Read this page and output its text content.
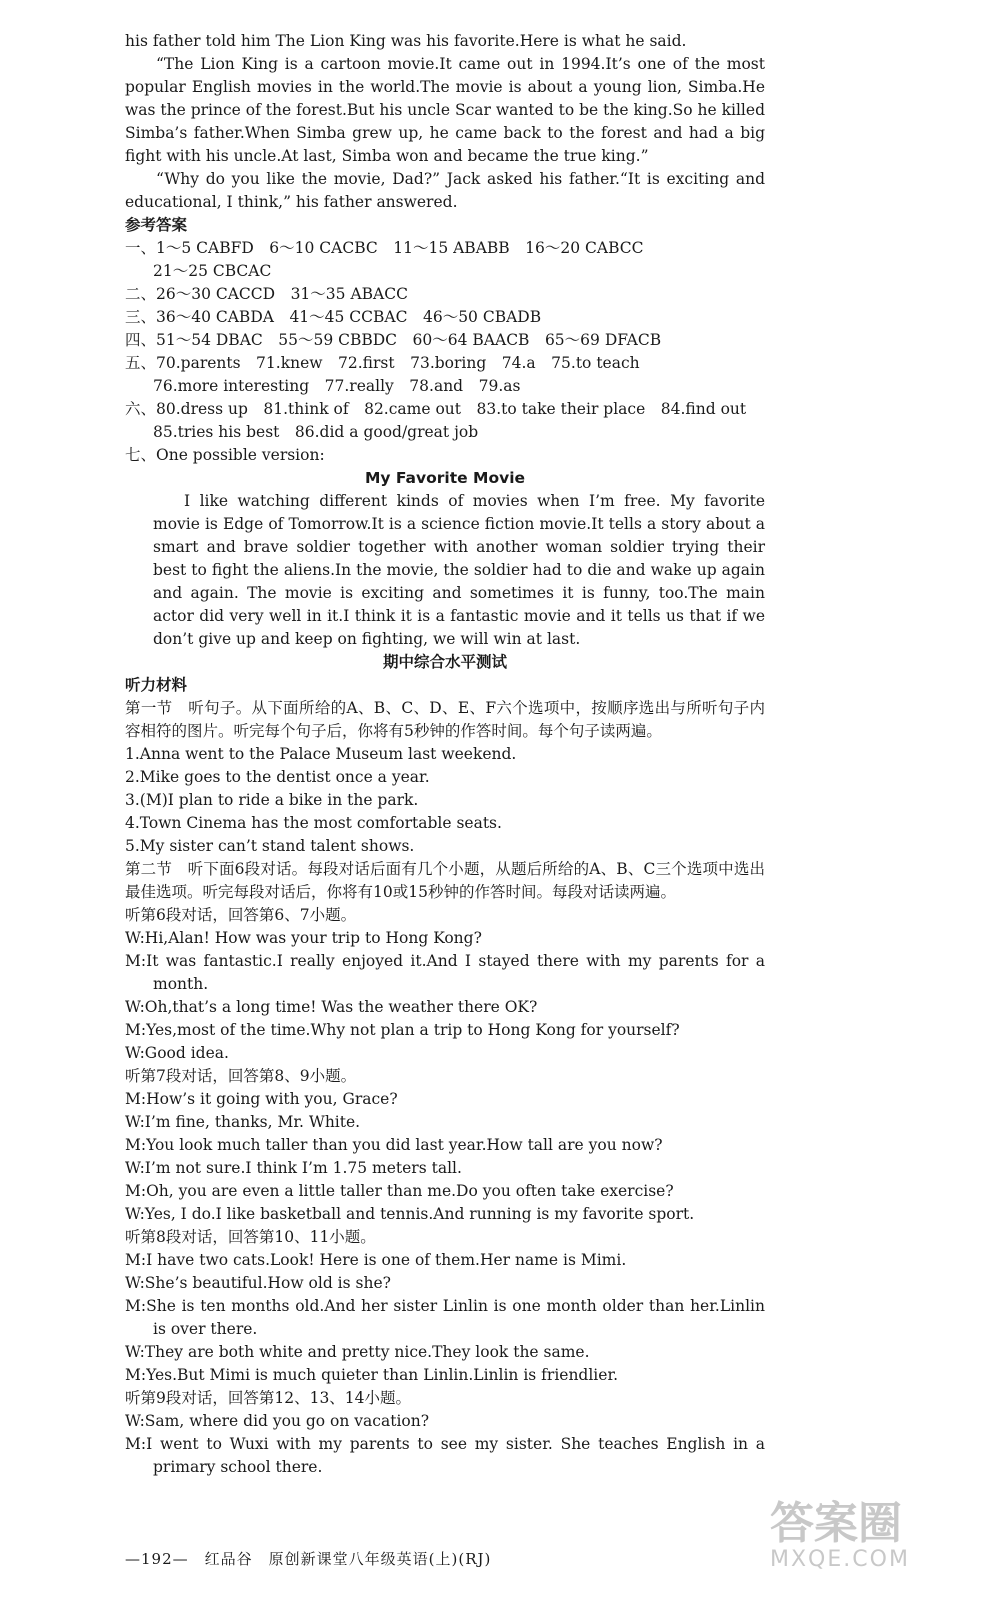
his father told him The Lion King was his favorite.Here is what he said.

“The Lion King is a cartoon movie.It came out in 1994.It’s one of the most popular English movies in the world.The movie is about a young lion, Simba.He was the prince of the forest.But his uncle Scar wanted to be the king.So he killed Simba’s father.When Simba grew up, he came back to the forest and had a big fight with his uncle.At last, Simba won and became the true king.”

“Why do you like the movie, Dad?” Jack asked his father.“It is exciting and educational, I think,” his father answered.

参考答案

一、1～5 CABFD　6～10 CACBC　11～15 ABABB　16～20 CABCC

21～25 CBCAC

二、26～30 CACCD　31～35 ABACC

三、36～40 CABDA　41～45 CCBAC　46～50 CBADB

四、51～54 DBAC　55～59 CBBDC　60～64 BAACB　65～69 DFACB

五、70.parents　71.knew　72.first　73.boring　74.a　75.to teach

76.more interesting　77.really　78.and　79.as

六、80.dress up　81.think of　82.came out　83.to take their place　84.find out

85.tries his best　86.did a good/great job

七、One possible version:

My Favorite Movie

I like watching different kinds of movies when I’m free. My favorite movie is Edge of Tomorrow.It is a science fiction movie.It tells a story about a smart and brave soldier together with another woman soldier trying their best to fight the aliens.In the movie, the soldier had to die and wake up again and again. The movie is exciting and sometimes it is funny, too.The main actor did very well in it.I think it is a fantastic movie and it tells us that if we don’t give up and keep on fighting, we will win at last.

期中综合水平测试

听力材料

第一节　听句子。从下面所给的A、B、C、D、E、F六个选项中，按顺序选出与所听句子内容相符的图片。听完每个句子后，你将有5秒钟的作答时间。每个句子读两遍。

1.Anna went to the Palace Museum last weekend.

2.Mike goes to the dentist once a year.

3.(M)I plan to ride a bike in the park.

4.Town Cinema has the most comfortable seats.

5.My sister can’t stand talent shows.

第二节　听下面6段对话。每段对话后面有几个小题，从题后所给的A、B、C三个选项中选出最佳选项。听完每段对话后，你将有10或15秒钟的作答时间。每段对话读两遍。

听第6段对话，回答第6、7小题。

W:Hi,Alan! How was your trip to Hong Kong?

M:It was fantastic.I really enjoyed it.And I stayed there with my parents for a month.

W:Oh,that’s a long time! Was the weather there OK?

M:Yes,most of the time.Why not plan a trip to Hong Kong for yourself?

W:Good idea.

听第7段对话，回答第8、9小题。

M:How’s it going with you, Grace?

W:I’m fine, thanks, Mr. White.

M:You look much taller than you did last year.How tall are you now?

W:I’m not sure.I think I’m 1.75 meters tall.

M:Oh, you are even a little taller than me.Do you often take exercise?

W:Yes, I do.I like basketball and tennis.And running is my favorite sport.

听第8段对话，回答第10、11小题。

M:I have two cats.Look! Here is one of them.Her name is Mimi.

W:She’s beautiful.How old is she?

M:She is ten months old.And her sister Linlin is one month older than her.Linlin is over there.

W:They are both white and pretty nice.They look the same.

M:Yes.But Mimi is much quieter than Linlin.Linlin is friendlier.

听第9段对话，回答第12、13、14小题。

W:Sam, where did you go on vacation?

M:I went to Wuxi with my parents to see my sister. She teaches English in a primary school there.

—192—　红品谷　原创新课堂八年级英语(上)(RJ)
答案圈
MXQE.COM
